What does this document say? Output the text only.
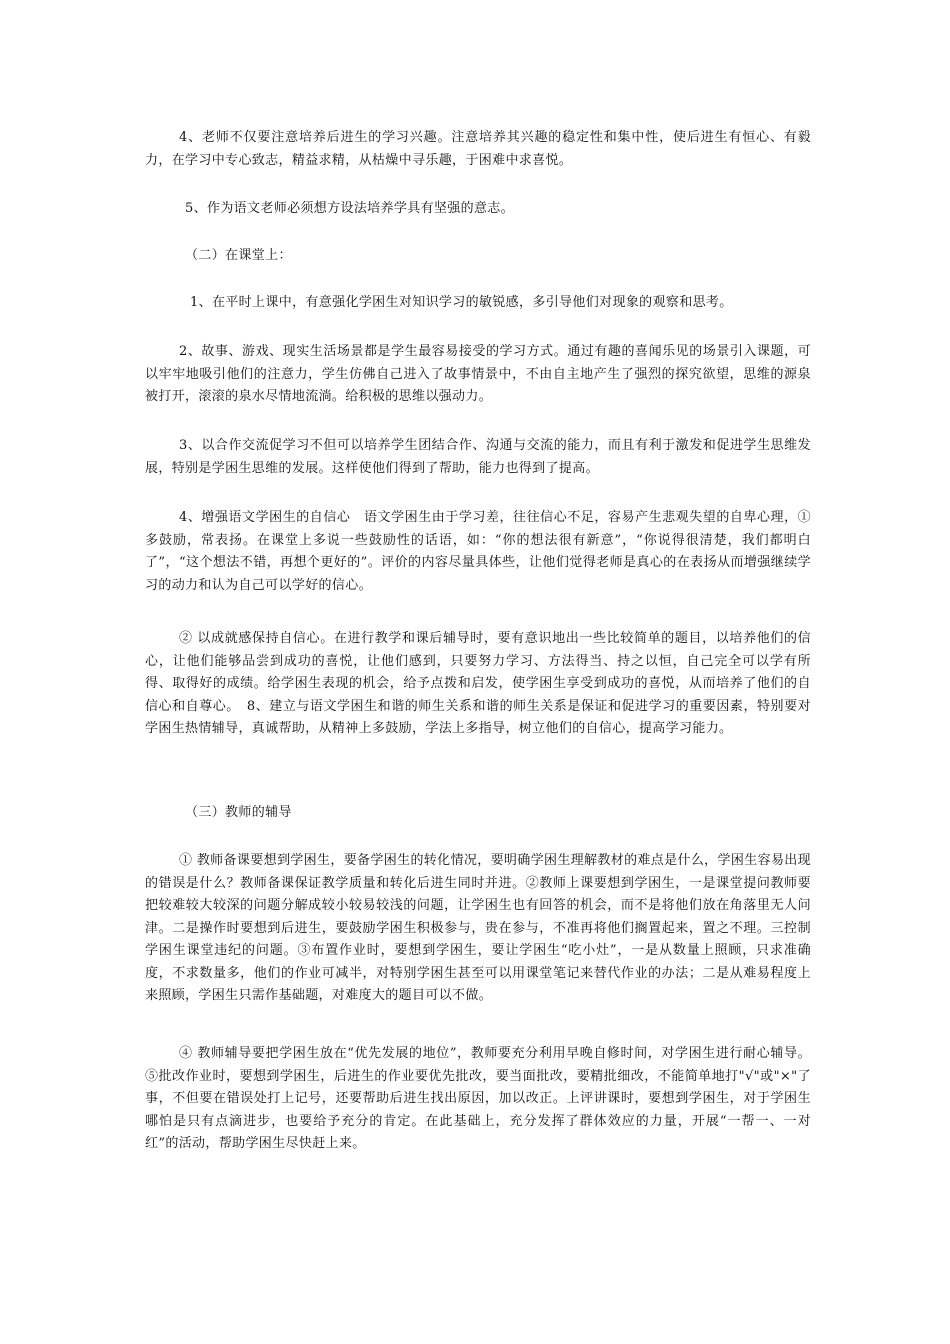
4、老师不仅要注意培养后进生的学习兴趣。注意培养其兴趣的稳定性和集中性，使后进生有恒心、有毅力，在学习中专心致志，精益求精，从枯燥中寻乐趣，于困难中求喜悦。

5、作为语文老师必须想方设法培养学具有坚强的意志。

（二）在课堂上：

1、在平时上课中，有意强化学困生对知识学习的敏锐感，多引导他们对现象的观察和思考。

2、故事、游戏、现实生活场景都是学生最容易接受的学习方式。通过有趣的喜闻乐见的场景引入课题，可以牢牢地吸引他们的注意力，学生仿佛自己进入了故事情景中，不由自主地产生了强烈的探究欲望，思维的源泉被打开，滚滚的泉水尽情地流淌。给积极的思维以强动力。

3、以合作交流促学习不但可以培养学生团结合作、沟通与交流的能力，而且有利于激发和促进学生思维发展，特别是学困生思维的发展。这样使他们得到了帮助，能力也得到了提高。

4、增强语文学困生的自信心　语文学困生由于学习差，往往信心不足，容易产生悲观失望的自卑心理，①多鼓励，常表扬。在课堂上多说一些鼓励性的话语，如：“你的想法很有新意”，“你说得很清楚，我们都明白了”，“这个想法不错，再想个更好的”。评价的内容尽量具体些，让他们觉得老师是真心的在表扬从而增强继续学习的动力和认为自己可以学好的信心。

② 以成就感保持自信心。在进行教学和课后辅导时，要有意识地出一些比较简单的题目，以培养他们的信心，让他们能够品尝到成功的喜悦，让他们感到，只要努力学习、方法得当、持之以恒，自己完全可以学有所得、取得好的成绩。给学困生表现的机会，给予点拨和启发，使学困生享受到成功的喜悦，从而培养了他们的自信心和自尊心。　8、建立与语文学困生和谐的师生关系和谐的师生关系是保证和促进学习的重要因素，特别要对学困生热情辅导，真诚帮助，从精神上多鼓励，学法上多指导，树立他们的自信心，提高学习能力。

（三）教师的辅导

① 教师备课要想到学困生，要备学困生的转化情况，要明确学困生理解教材的难点是什么，学困生容易出现的错误是什么？教师备课保证教学质量和转化后进生同时并进。②教师上课要想到学困生，一是课堂提问教师要把较难较大较深的问题分解成较小较易较浅的问题，让学困生也有回答的机会，而不是将他们放在角落里无人问津。二是操作时要想到后进生，要鼓励学困生积极参与，贵在参与，不准再将他们搁置起来，置之不理。三控制学困生课堂违纪的问题。③布置作业时，要想到学困生，要让学困生“吃小灶”，一是从数量上照顾，只求准确度，不求数量多，他们的作业可减半，对特别学困生甚至可以用课堂笔记来替代作业的办法；二是从难易程度上来照顾，学困生只需作基础题，对难度大的题目可以不做。

④ 教师辅导要把学困生放在“优先发展的地位”，教师要充分利用早晚自修时间，对学困生进行耐心辅导。⑤批改作业时，要想到学困生，后进生的作业要优先批改，要当面批改，要精批细改，不能简单地打"√"或"×"了事，不但要在错误处打上记号，还要帮助后进生找出原因，加以改正。上评讲课时，要想到学困生，对于学困生哪怕是只有点滴进步，也要给予充分的肯定。在此基础上，充分发挥了群体效应的力量，开展“一帮一、一对红”的活动，帮助学困生尽快赶上来。
